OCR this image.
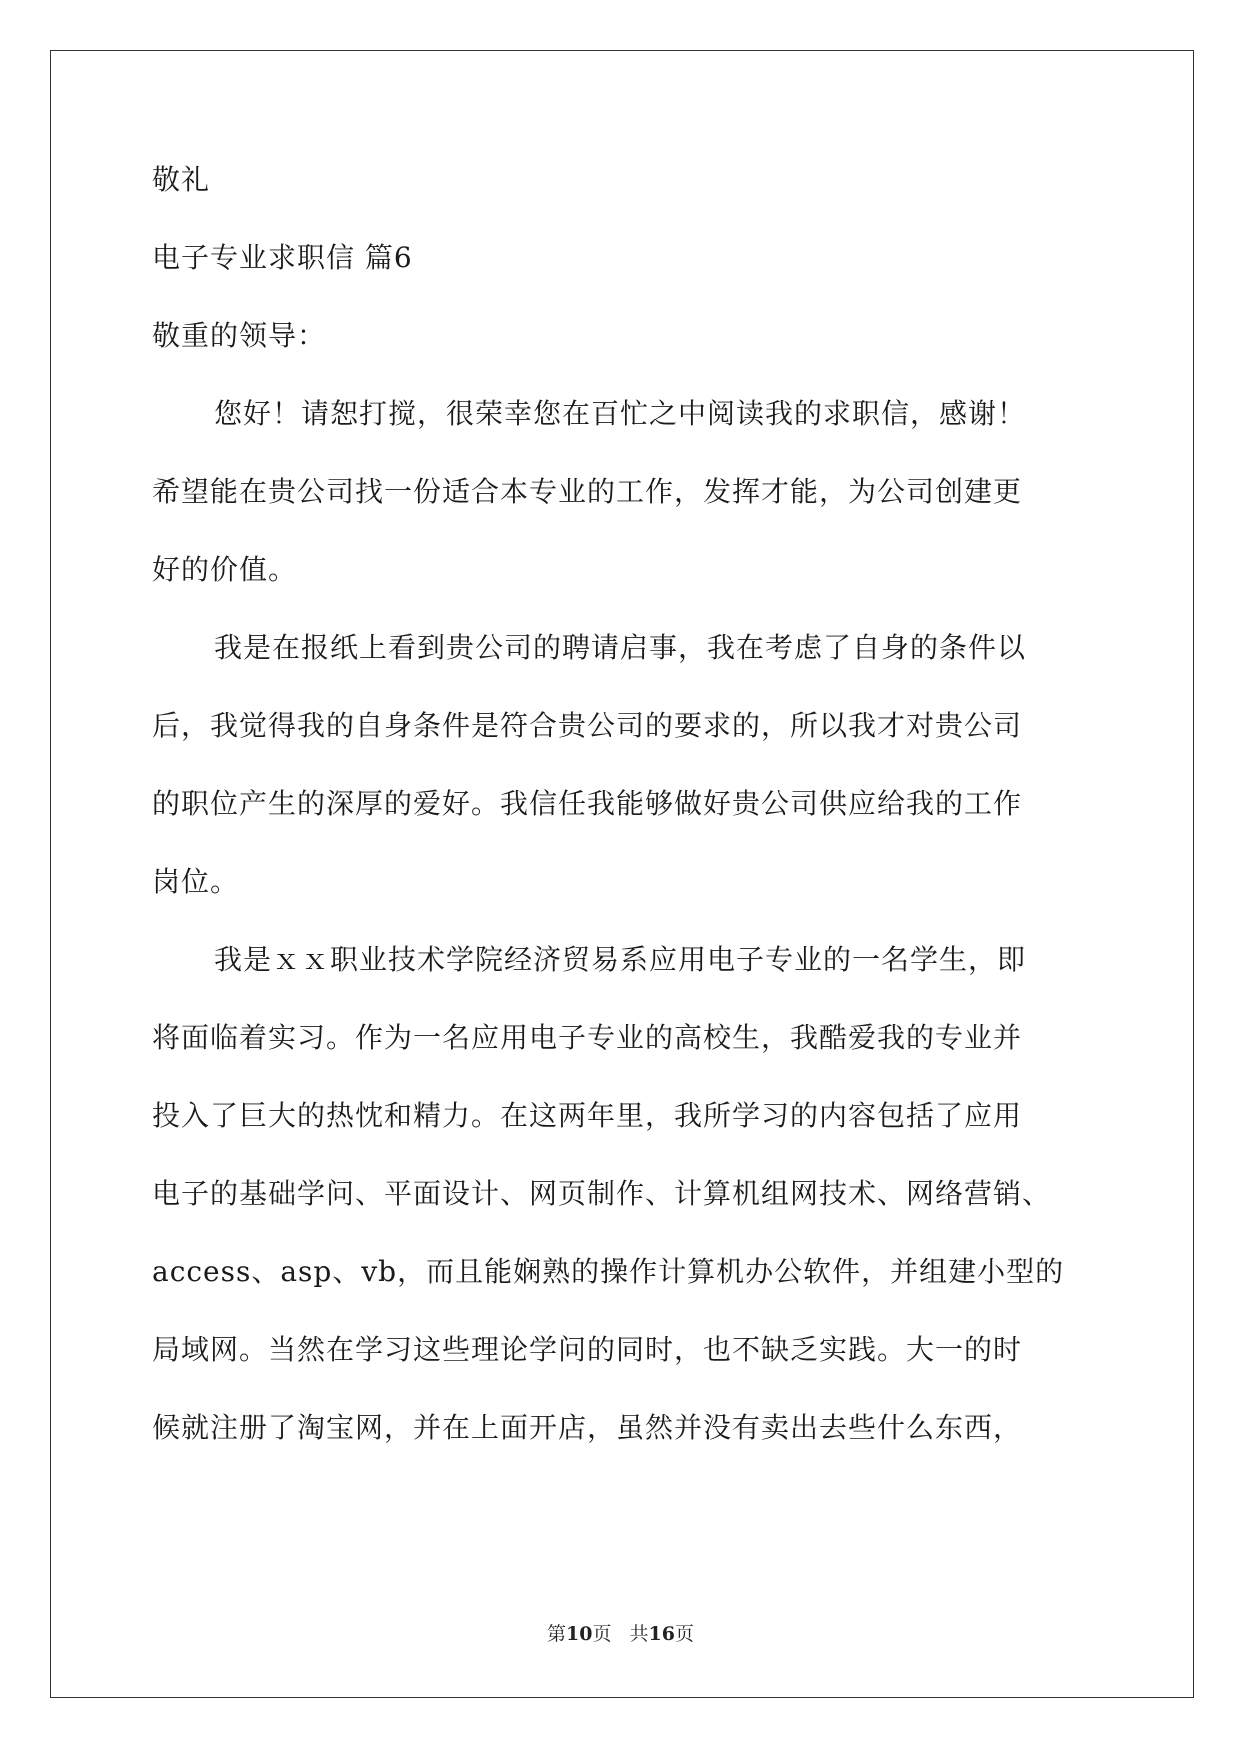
敬礼
电子专业求职信 篇6
敬重的领导：
您好！请恕打搅，很荣幸您在百忙之中阅读我的求职信，感谢！
希望能在贵公司找一份适合本专业的工作，发挥才能，为公司创建更
好的价值。
我是在报纸上看到贵公司的聘请启事，我在考虑了自身的条件以
后，我觉得我的自身条件是符合贵公司的要求的，所以我才对贵公司
的职位产生的深厚的爱好。我信任我能够做好贵公司供应给我的工作
岗位。
我是ｘｘ职业技术学院经济贸易系应用电子专业的一名学生，即
将面临着实习。作为一名应用电子专业的高校生，我酷爱我的专业并
投入了巨大的热忱和精力。在这两年里，我所学习的内容包括了应用
电子的基础学问、平面设计、网页制作、计算机组网技术、网络营销、
access、asp、vb，而且能娴熟的操作计算机办公软件，并组建小型的
局域网。当然在学习这些理论学问的同时，也不缺乏实践。大一的时
候就注册了淘宝网，并在上面开店，虽然并没有卖出去些什么东西，
第10页 共16页
